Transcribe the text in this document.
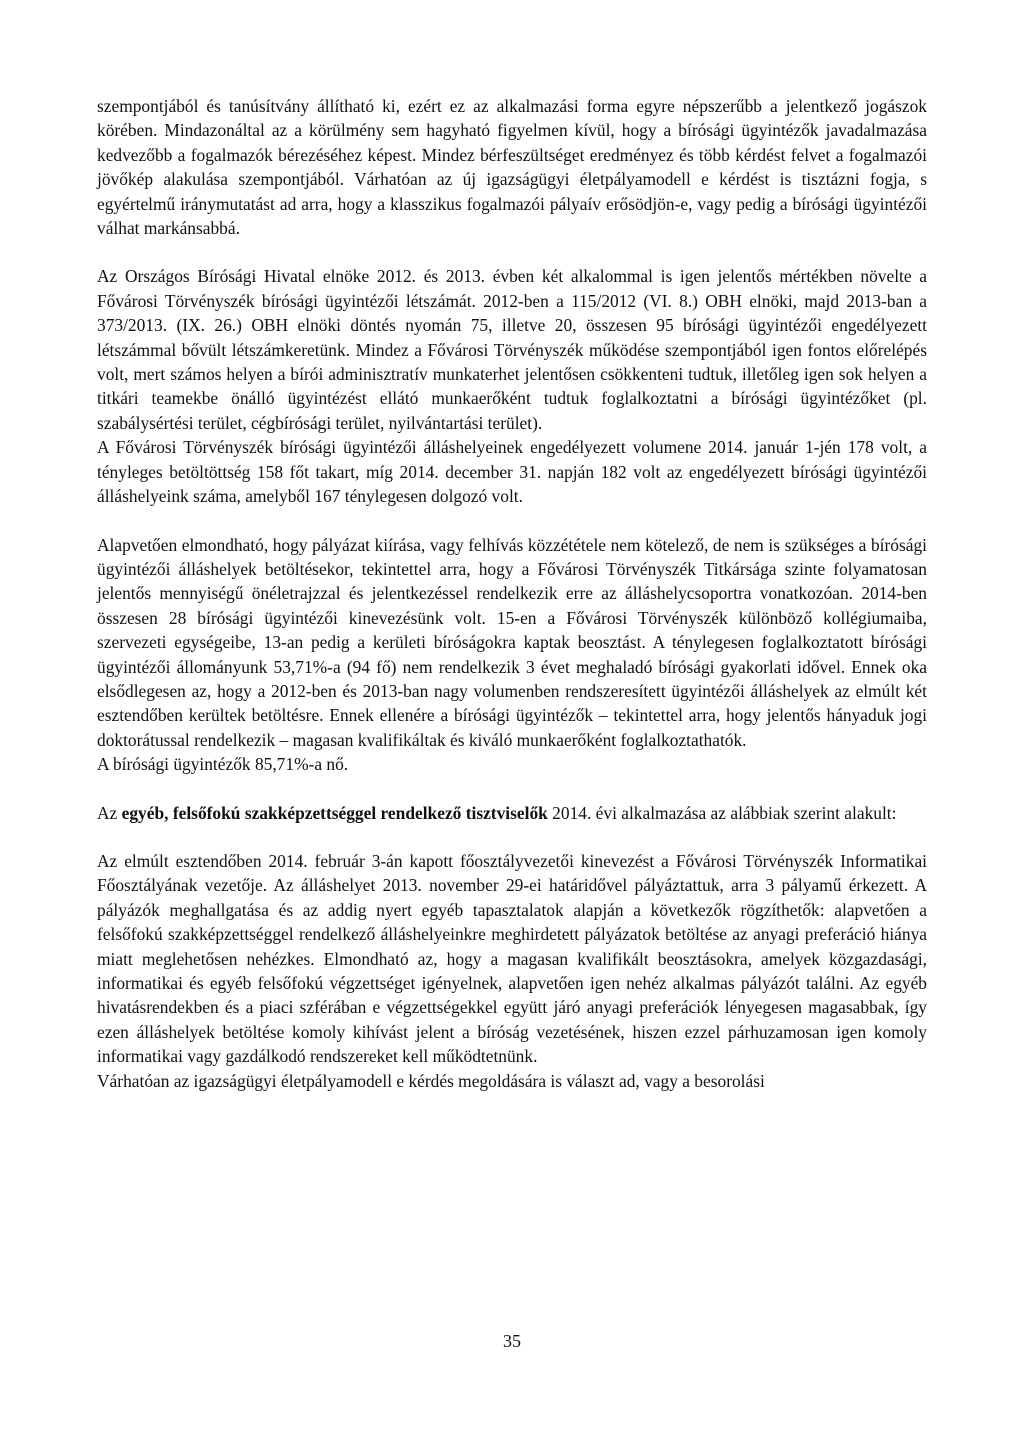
szempontjából és tanúsítvány állítható ki, ezért ez az alkalmazási forma egyre népszerűbb a jelentkező jogászok körében. Mindazonáltal az a körülmény sem hagyható figyelmen kívül, hogy a bírósági ügyintézők javadalmazása kedvezőbb a fogalmazók bérezéséhez képest. Mindez bérfeszültséget eredményez és több kérdést felvet a fogalmazói jövőkép alakulása szempontjából. Várhatóan az új igazságügyi életpályamodell e kérdést is tisztázni fogja, s egyértelmű iránymutatást ad arra, hogy a klasszikus fogalmazói pályaív erősödjön-e, vagy pedig a bírósági ügyintézői válhat markánsabbá.

Az Országos Bírósági Hivatal elnöke 2012. és 2013. évben két alkalommal is igen jelentős mértékben növelte a Fővárosi Törvényszék bírósági ügyintézői létszámát. 2012-ben a 115/2012 (VI. 8.) OBH elnöki, majd 2013-ban a 373/2013. (IX. 26.) OBH elnöki döntés nyomán 75, illetve 20, összesen 95 bírósági ügyintézői engedélyezett létszámmal bővült létszámkeretünk. Mindez a Fővárosi Törvényszék működése szempontjából igen fontos előrelépés volt, mert számos helyen a bírói adminisztratív munkaterhet jelentősen csökkenteni tudtuk, illetőleg igen sok helyen a titkári teamekbe önálló ügyintézést ellátó munkaerőként tudtuk foglalkoztatni a bírósági ügyintézőket (pl. szabálysértési terület, cégbírósági terület, nyilvántartási terület).

A Fővárosi Törvényszék bírósági ügyintézői álláshelyeinek engedélyezett volumene 2014. január 1-jén 178 volt, a tényleges betöltöttség 158 főt takart, míg 2014. december 31. napján 182 volt az engedélyezett bírósági ügyintézői álláshelyeink száma, amelyből 167 ténylegesen dolgozó volt.

Alapvetően elmondható, hogy pályázat kiírása, vagy felhívás közzététele nem kötelező, de nem is szükséges a bírósági ügyintézői álláshelyek betöltésekor, tekintettel arra, hogy a Fővárosi Törvényszék Titkársága szinte folyamatosan jelentős mennyiségű önéletrajzzal és jelentkezéssel rendelkezik erre az álláshelycsoportra vonatkozóan. 2014-ben összesen 28 bírósági ügyintézői kinevezésünk volt. 15-en a Fővárosi Törvényszék különböző kollégiumaiba, szervezeti egységeibe, 13-an pedig a kerületi bíróságokra kaptak beosztást. A ténylegesen foglalkoztatott bírósági ügyintézői állományunk 53,71%-a (94 fő) nem rendelkezik 3 évet meghaladó bírósági gyakorlati idővel. Ennek oka elsődlegesen az, hogy a 2012-ben és 2013-ban nagy volumenben rendszeresített ügyintézői álláshelyek az elmúlt két esztendőben kerültek betöltésre. Ennek ellenére a bírósági ügyintézők – tekintettel arra, hogy jelentős hányaduk jogi doktorátussal rendelkezik – magasan kvalifikáltak és kiváló munkaerőként foglalkoztathatók.

A bírósági ügyintézők 85,71%-a nő.

Az egyéb, felsőfokú szakképzettséggel rendelkező tisztviselők 2014. évi alkalmazása az alábbiak szerint alakult:

Az elmúlt esztendőben 2014. február 3-án kapott főosztályvezetői kinevezést a Fővárosi Törvényszék Informatikai Főosztályának vezetője. Az álláshelyet 2013. november 29-ei határidővel pályáztattuk, arra 3 pályamű érkezett. A pályázók meghallgatása és az addig nyert egyéb tapasztalatok alapján a következők rögzíthetők: alapvetően a felsőfokú szakképzettséggel rendelkező álláshelyeinkre meghirdetett pályázatok betöltése az anyagi preferáció hiánya miatt meglehetősen nehézkes. Elmondható az, hogy a magasan kvalifikált beosztásokra, amelyek közgazdasági, informatikai és egyéb felsőfokú végzettséget igényelnek, alapvetően igen nehéz alkalmas pályázót találni. Az egyéb hivatásrendekben és a piaci szférában e végzettségekkel együtt járó anyagi preferációk lényegesen magasabbak, így ezen álláshelyek betöltése komoly kihívást jelent a bíróság vezetésének, hiszen ezzel párhuzamosan igen komoly informatikai vagy gazdálkodó rendszereket kell működtetnünk.

Várhatóan az igazságügyi életpályamodell e kérdés megoldására is választ ad, vagy a besorolási

35
